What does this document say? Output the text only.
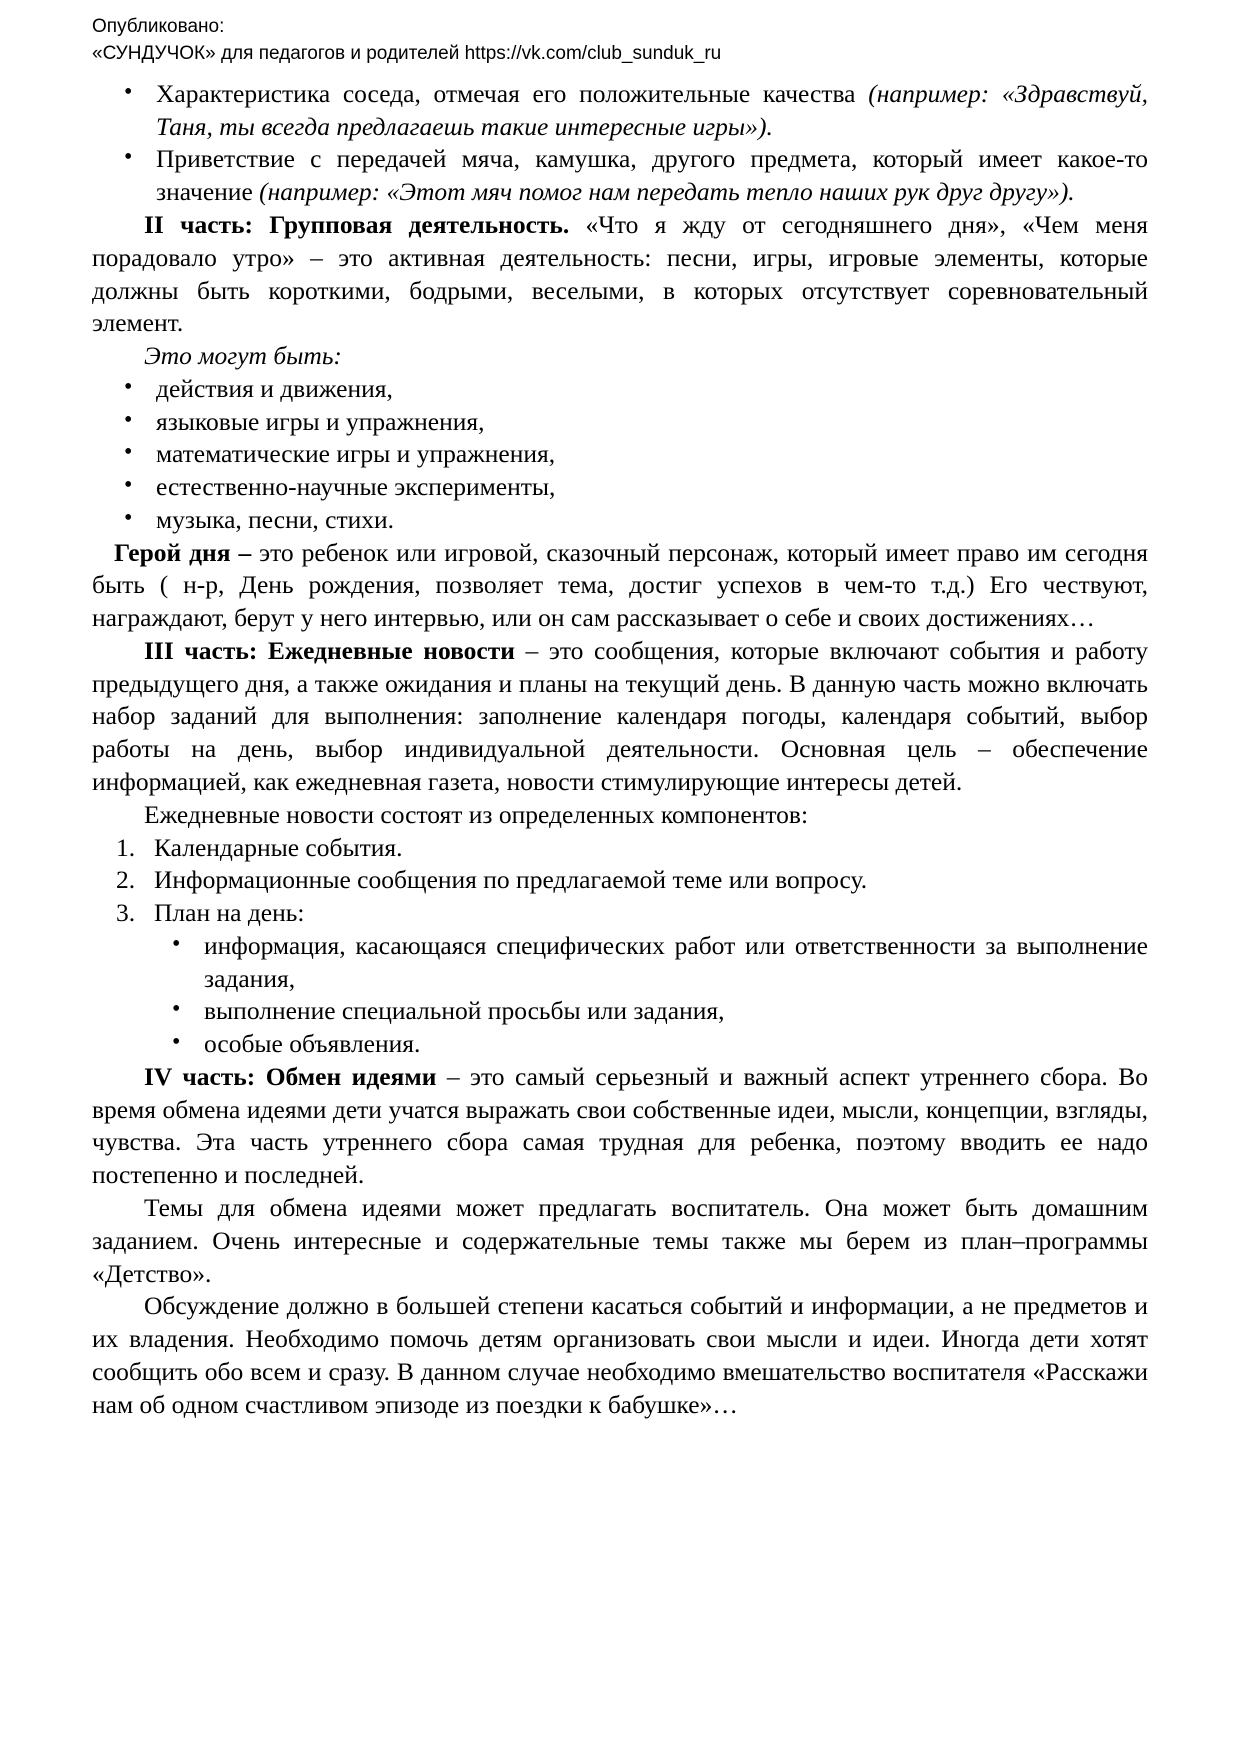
Опубликовано:
«СУНДУЧОК» для педагогов и родителей https://vk.com/club_sunduk_ru
• Характеристика соседа, отмечая его положительные качества (например: «Здравствуй, Таня, ты всегда предлагаешь такие интересные игры»).
• Приветствие с передачей мяча, камушка, другого предмета, который имеет какое-то значение (например: «Этот мяч помог нам передать тепло наших рук друг другу»).

II часть: Групповая деятельность. «Что я жду от сегодняшнего дня», «Чем меня порадовало утро» – это активная деятельность: песни, игры, игровые элементы, которые должны быть короткими, бодрыми, веселыми, в которых отсутствует соревновательный элемент.

Это могут быть:

• действия и движения,
• языковые игры и упражнения,
• математические игры и упражнения,
• естественно-научные эксперименты,
• музыка, песни, стихи.

Герой дня – это ребенок или игровой, сказочный персонаж, который имеет право им сегодня быть ( н-р, День рождения, позволяет тема, достиг успехов в чем-то т.д.) Его чествуют, награждают, берут у него интервью, или он сам рассказывает о себе и своих достижениях…

III часть: Ежедневные новости – это сообщения, которые включают события и работу предыдущего дня, а также ожидания и планы на текущий день. В данную часть можно включать набор заданий для выполнения: заполнение календаря погоды, календаря событий, выбор работы на день, выбор индивидуальной деятельности. Основная цель – обеспечение информацией, как ежедневная газета, новости стимулирующие интересы детей.

Ежедневные новости состоят из определенных компонентов:

Календарные события.
Информационные сообщения по предлагаемой теме или вопросу.
План на день:
• информация, касающаяся специфических работ или ответственности за выполнение задания,
• выполнение специальной просьбы или задания,
• особые объявления.

IV часть: Обмен идеями – это самый серьезный и важный аспект утреннего сбора. Во время обмена идеями дети учатся выражать свои собственные идеи, мысли, концепции, взгляды, чувства. Эта часть утреннего сбора самая трудная для ребенка, поэтому вводить ее надо постепенно и последней.

Темы для обмена идеями может предлагать воспитатель. Она может быть домашним заданием. Очень интересные и содержательные темы также мы берем из план–программы «Детство».

Обсуждение должно в большей степени касаться событий и информации, а не предметов и их владения. Необходимо помочь детям организовать свои мысли и идеи. Иногда дети хотят сообщить обо всем и сразу. В данном случае необходимо вмешательство воспитателя «Расскажи нам об одном счастливом эпизоде из поездки к бабушке»…
